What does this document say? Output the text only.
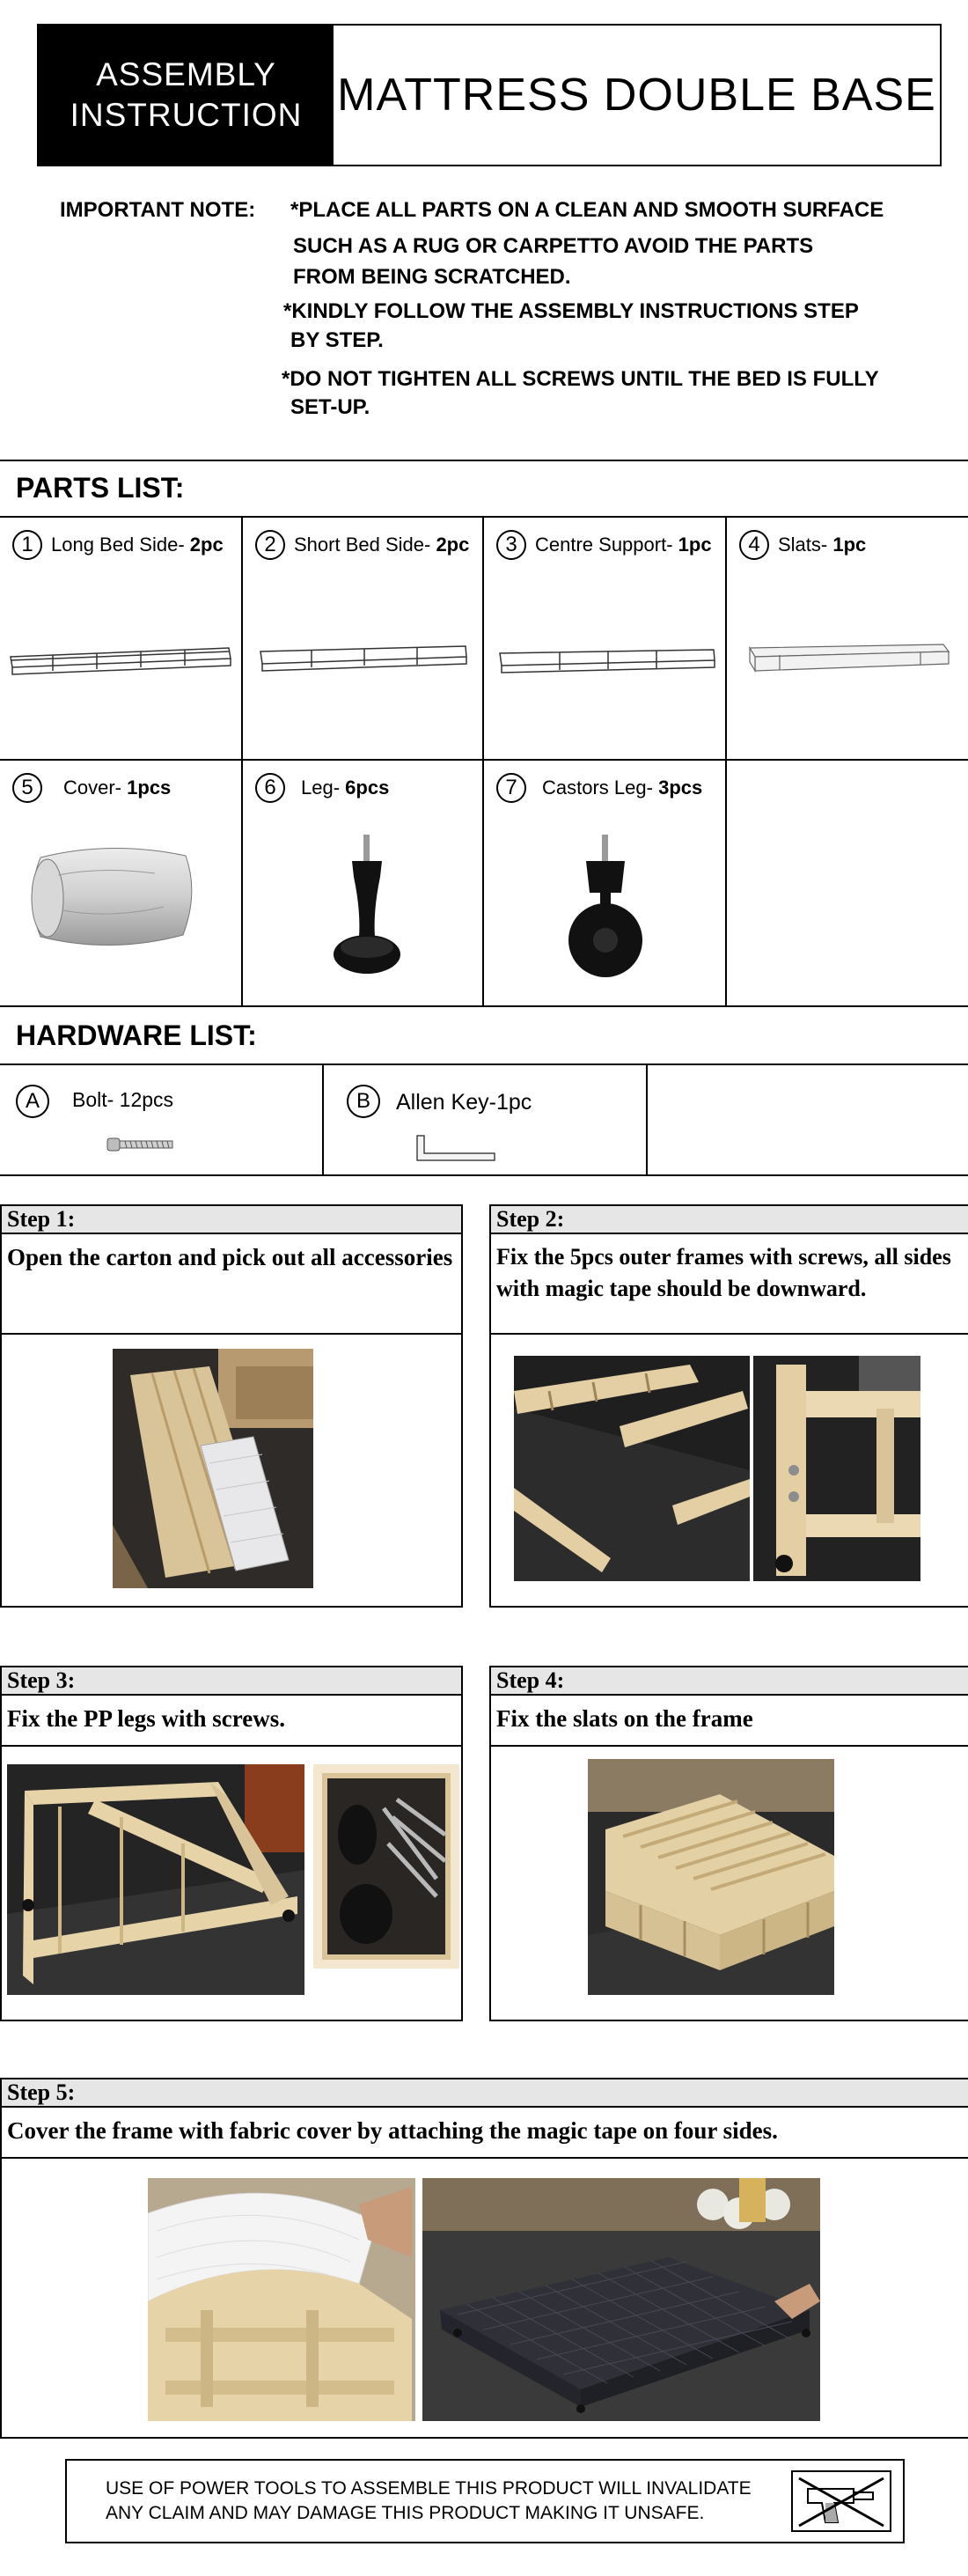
ASSEMBLY
INSTRUCTION MATTRESS DOUBLE BASE
IMPORTANT NOTE: *PLACE ALL PARTS ON A CLEAN AND SMOOTH SURFACE
SUCH AS A RUG OR CARPETTO AVOID THE PARTS
FROM BEING SCRATCHED.
*KINDLY FOLLOW THE ASSEMBLY INSTRUCTIONS STEP
BY STEP.
*DO NOT TIGHTEN ALL SCREWS UNTIL THE BED IS FULLY
SET-UP.
PARTS LIST:
1 Long Bed Side- 2pc	2 Short Bed Side- 2pc	3 Centre Support- 1pc	4 Slats- 1pc
5	Cover- 1pcs	6	Leg- 6pcs	7	Castors Leg- 3pcs
HARDWARE LIST:
A	Bolt- 12pcs	B	Allen Key-1pc
Step 1:
Open the carton and pick out all accessories
Step 2:
Fix the 5pcs outer frames with screws, all sides with magic tape should be downward.
Step 3:
Fix the PP legs with screws.
Step 4:
Fix the slats on the frame
Step 5:
Cover the frame with fabric cover by attaching the magic tape on four sides.
USE OF POWER TOOLS TO ASSEMBLE THIS PRODUCT WILL INVALIDATE
ANY CLAIM AND MAY DAMAGE THIS PRODUCT MAKING IT UNSAFE.
